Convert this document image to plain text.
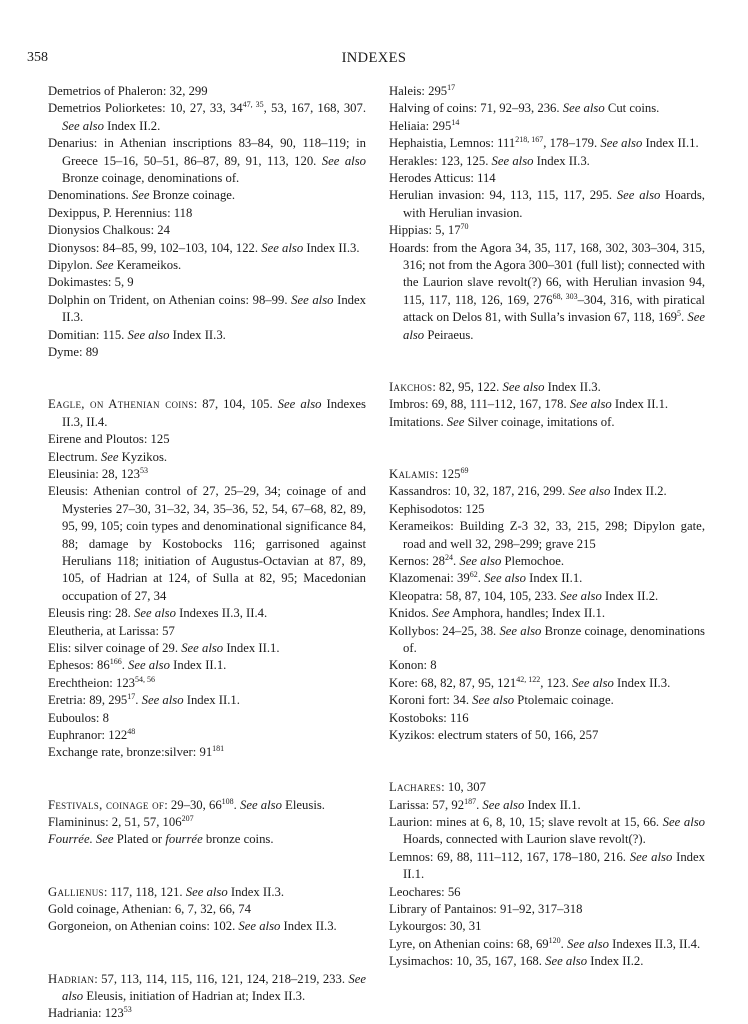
358	INDEXES
Demetrios of Phaleron: 32, 299
Demetrios Poliorketes: 10, 27, 33, 34$^{47, 35}$, 53, 167, 168, 307. See also Index II.2.
Denarius: in Athenian inscriptions 83–84, 90, 118–119; in Greece 15–16, 50–51, 86–87, 89, 91, 113, 120. See also Bronze coinage, denominations of.
Denominations. See Bronze coinage.
Dexippus, P. Herennius: 118
Dionysios Chalkous: 24
Dionysos: 84–85, 99, 102–103, 104, 122. See also Index II.3.
Dipylon. See Kerameikos.
Dokimastes: 5, 9
Dolphin on Trident, on Athenian coins: 98–99. See also Index II.3.
Domitian: 115. See also Index II.3.
Dyme: 89
Eagle, on Athenian coins: 87, 104, 105. See also Indexes II.3, II.4.
Eirene and Ploutos: 125
Electrum. See Kyzikos.
Eleusinia: 28, $123^{53}$
Eleusis: Athenian control of 27, 25–29, 34; coinage of and Mysteries 27–30, 31–32, 34, 35–36, 52, 54, 67–68, 82, 89, 95, 99, 105; coin types and denominational significance 84, 88; damage by Kostobocks 116; garrisoned against Herulians 118; initiation of Augustus-Octavian at 87, 89, 105, of Hadrian at 124, of Sulla at 82, 95; Macedonian occupation of 27, 34
Eleusis ring: 28. See also Indexes II.3, II.4.
Eleutheria, at Larissa: 57
Elis: silver coinage of 29. See also Index II.1.
Ephesos: $86^{166}$. See also Index II.1.
Erechtheion: 123$^{54, 56}$
Eretria: 89, $295^{17}$. See also Index II.1.
Euboulos: 8
Euphranor: $122^{48}$
Exchange rate, bronze:silver: $91^{181}$
Festivals, coinage of: 29–30, $66^{108}$. See also Eleusis.
Flamininus: 2, 51, 57, $106^{207}$
Fourrée. See Plated or fourrée bronze coins.
Gallienus: 117, 118, 121. See also Index II.3.
Gold coinage, Athenian: 6, 7, 32, 66, 74
Gorgoneion, on Athenian coins: 102. See also Index II.3.
Hadrian: 57, 113, 114, 115, 116, 121, 124, 218–219, 233. See also Eleusis, initiation of Hadrian at; Index II.3.
Hadriania: $123^{53}$
Haleis: $295^{17}$
Halving of coins: 71, 92–93, 236. See also Cut coins.
Heliaia: $295^{14}$
Hephaistia, Lemnos: 111$^{218, 167}$, 178–179. See also Index II.1.
Herakles: 123, 125. See also Index II.3.
Herodes Atticus: 114
Herulian invasion: 94, 113, 115, 117, 295. See also Hoards, with Herulian invasion.
Hippias: 5, $17^{70}$
Hoards: from the Agora 34, 35, 117, 168, 302, 303–304, 315, 316; not from the Agora 300–301 (full list); connected with the Laurion slave revolt(?) 66, with Herulian invasion 94, 115, 117, 118, 126, 169, 276$^{68, 303}$–304, 316, with piratical attack on Delos 81, with Sulla’s invasion 67, 118, $169^5$. See also Peiraeus.
Iakchos: 82, 95, 122. See also Index II.3.
Imbros: 69, 88, 111–112, 167, 178. See also Index II.1.
Imitations. See Silver coinage, imitations of.
Kalamis: $125^{69}$
Kassandros: 10, 32, 187, 216, 299. See also Index II.2.
Kephisodotos: 125
Kerameikos: Building Z-3 32, 33, 215, 298; Dipylon gate, road and well 32, 298–299; grave 215
Kernos: $28^{24}$. See also Plemochoe.
Klazomenai: $39^{62}$. See also Index II.1.
Kleopatra: 58, 87, 104, 105, 233. See also Index II.2.
Knidos. See Amphora, handles; Index II.1.
Kollybos: 24–25, 38. See also Bronze coinage, denominations of.
Konon: 8
Kore: 68, 82, 87, 95, 121$^{42, 122}$, 123. See also Index II.3.
Koroni fort: 34. See also Ptolemaic coinage.
Kostoboks: 116
Kyzikos: electrum staters of 50, 166, 257
Lachares: 10, 307
Larissa: 57, $92^{187}$. See also Index II.1.
Laurion: mines at 6, 8, 10, 15; slave revolt at 15, 66. See also Hoards, connected with Laurion slave revolt(?).
Lemnos: 69, 88, 111–112, 167, 178–180, 216. See also Index II.1.
Leochares: 56
Library of Pantainos: 91–92, 317–318
Lykourgos: 30, 31
Lyre, on Athenian coins: 68, $69^{120}$. See also Indexes II.3, II.4.
Lysimachos: 10, 35, 167, 168. See also Index II.2.
